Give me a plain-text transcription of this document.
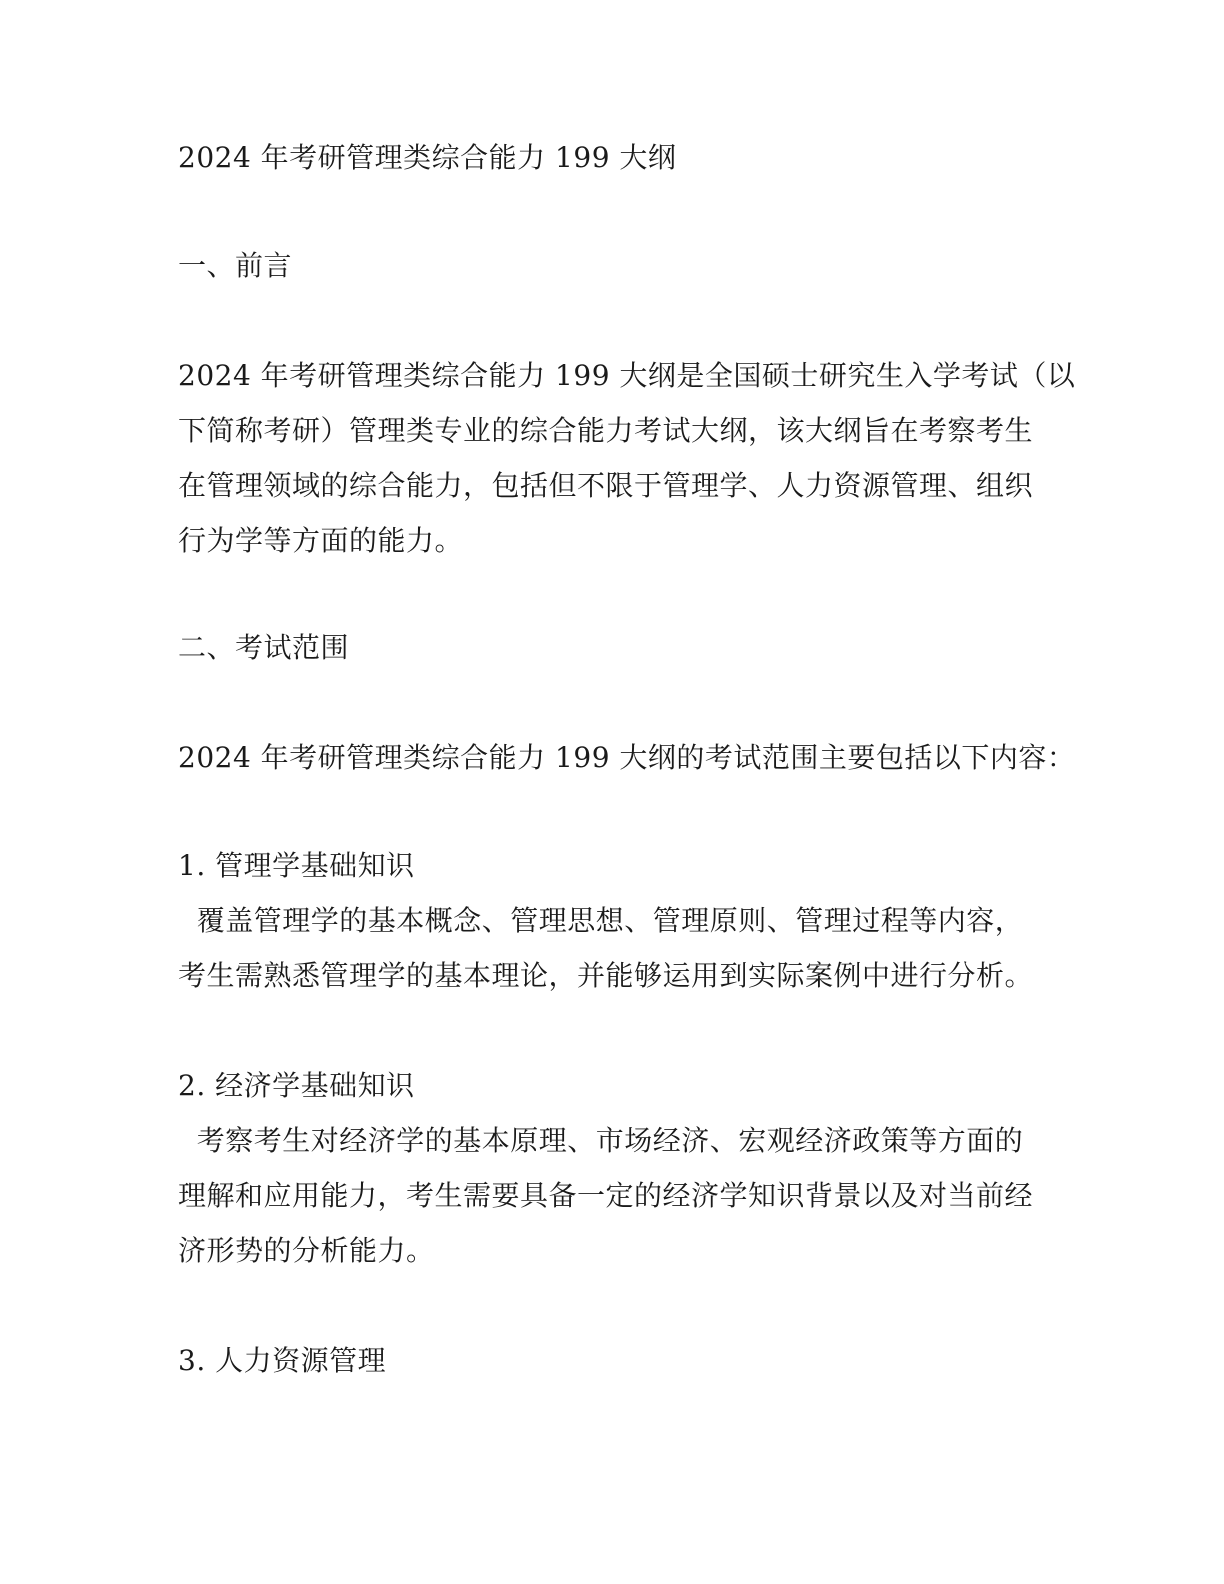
2024 年考研管理类综合能力 199 大纲
一、前言
2024 年考研管理类综合能力 199 大纲是全国硕士研究生入学考试（以
下简称考研）管理类专业的综合能力考试大纲，该大纲旨在考察考生
在管理领域的综合能力，包括但不限于管理学、人力资源管理、组织
行为学等方面的能力。
二、考试范围
2024 年考研管理类综合能力 199 大纲的考试范围主要包括以下内容：
1. 管理学基础知识
覆盖管理学的基本概念、管理思想、管理原则、管理过程等内容，
考生需熟悉管理学的基本理论，并能够运用到实际案例中进行分析。
2. 经济学基础知识
考察考生对经济学的基本原理、市场经济、宏观经济政策等方面的
理解和应用能力，考生需要具备一定的经济学知识背景以及对当前经
济形势的分析能力。
3. 人力资源管理
